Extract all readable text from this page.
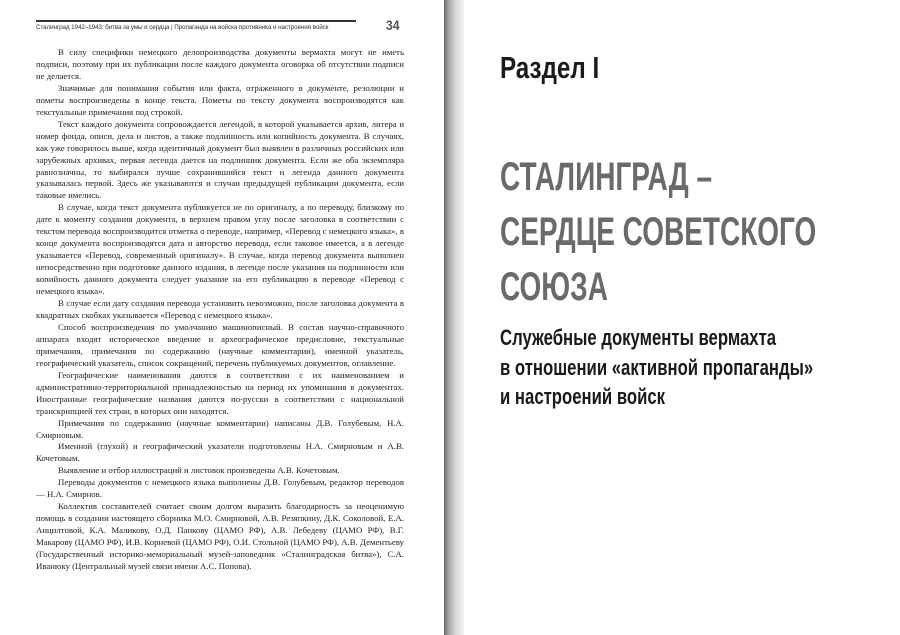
Сталинград 1942–1943: битва за умы и сердца | Пропаганда на войска противника и настроения войск	34

В силу специфики немецкого делопроизводства документы вермахта могут не иметь подписи, поэтому при их публикации после каждого документа оговорка об отсутствии подписи не делается.

Значимые для понимания события или факта, отраженного в документе, резолюции и пометы воспроизведены в конце текста. Пометы по тексту документа воспроизводятся как текстуальные примечания под строкой.

Текст каждого документа сопровождается легендой, в которой указывается архив, литера и номер фонда, описи, дела и листов, а также подлинность или копийность документа. В случаях, как уже говорилось выше, когда идентичный документ был выявлен в различных российских или зарубежных архивах, первая легенда дается на подлинник документа. Если же оба экземпляра равнозначны, то выбирался лучше сохранившийся текст и легенда данного документа указывалась первой. Здесь же указываются и случаи предыдущей публикации документа, если таковые имелись.

В случае, когда текст документа публикуется не по оригиналу, а по переводу, близкому по дате к моменту создания документа, в верхнем правом углу после заголовка в соответствии с текстом перевода воспроизводится отметка о переводе, например, «Перевод с немецкого языка», в конце документа воспроизводятся дата и авторство перевода, если таковое имеется, а в легенде указывается «Перевод, современный оригиналу». В случае, когда перевод документа выполнен непосредственно при подготовке данного издания, в легенде после указания на подлинности или копийность данного документа следует указание на его публикацию в переводе «Перевод с немецкого языка».

В случае если дату создания перевода установить невозможно, после заголовка документа в квадратных скобках указывается «Перевод с немецкого языка».

Способ воспроизведения по умолчанию машинописный. В состав научно-справочного аппарата входят историческое введение и археографическое предисловие, текстуальные примечания, примечания по содержанию (научные комментарии), именной указатель, географический указатель, список сокращений, перечень публикуемых документов, оглавление.

Географические наименования даются в соответствии с их наименованием и административно-территориальной принадлежностью на период их упоминания в документах. Иностранные географические названия даются по-русски в соответствии с национальной транскрипцией тех стран, в которых они находятся.

Примечания по содержанию (научные комментарии) написаны Д.В. Голубевым, Н.А. Смирновым.

Именной (глухой) и географический указатели подготовлены Н.А. Смирновым и А.В. Кочетовым.

Выявление и отбор иллюстраций и листовок произведены А.В. Кочетовым.

Переводы документов с немецкого языка выполнены Д.В. Голубевым, редактор переводов — Н.А. Смирнов.

Коллектив составителей считает своим долгом выразить благодарность за неоценимую помощь в создании настоящего сборника М.О. Смирновой, А.В. Резяпкину, Д.К. Соколовой, Е.А. Анцилтовой, К.А. Маликову, О.Д. Панкову (ЦАМО РФ), А.В. Лебедеву (ЦАМО РФ), В.Г. Макарову (ЦАМО РФ), И.В. Корневой (ЦАМО РФ), О.И. Стольной (ЦАМО РФ), А.В. Дементьеву (Государственный историко-мемориальный музей-заповедник «Сталинградская битва»), С.А. Иванюку (Центральный музей связи имени А.С. Попова).

Раздел I
СТАЛИНГРАД –
СЕРДЦЕ СОВЕТСКОГО
СОЮЗА
Служебные документы вермахта
в отношении «активной пропаганды»
и настроений войск
